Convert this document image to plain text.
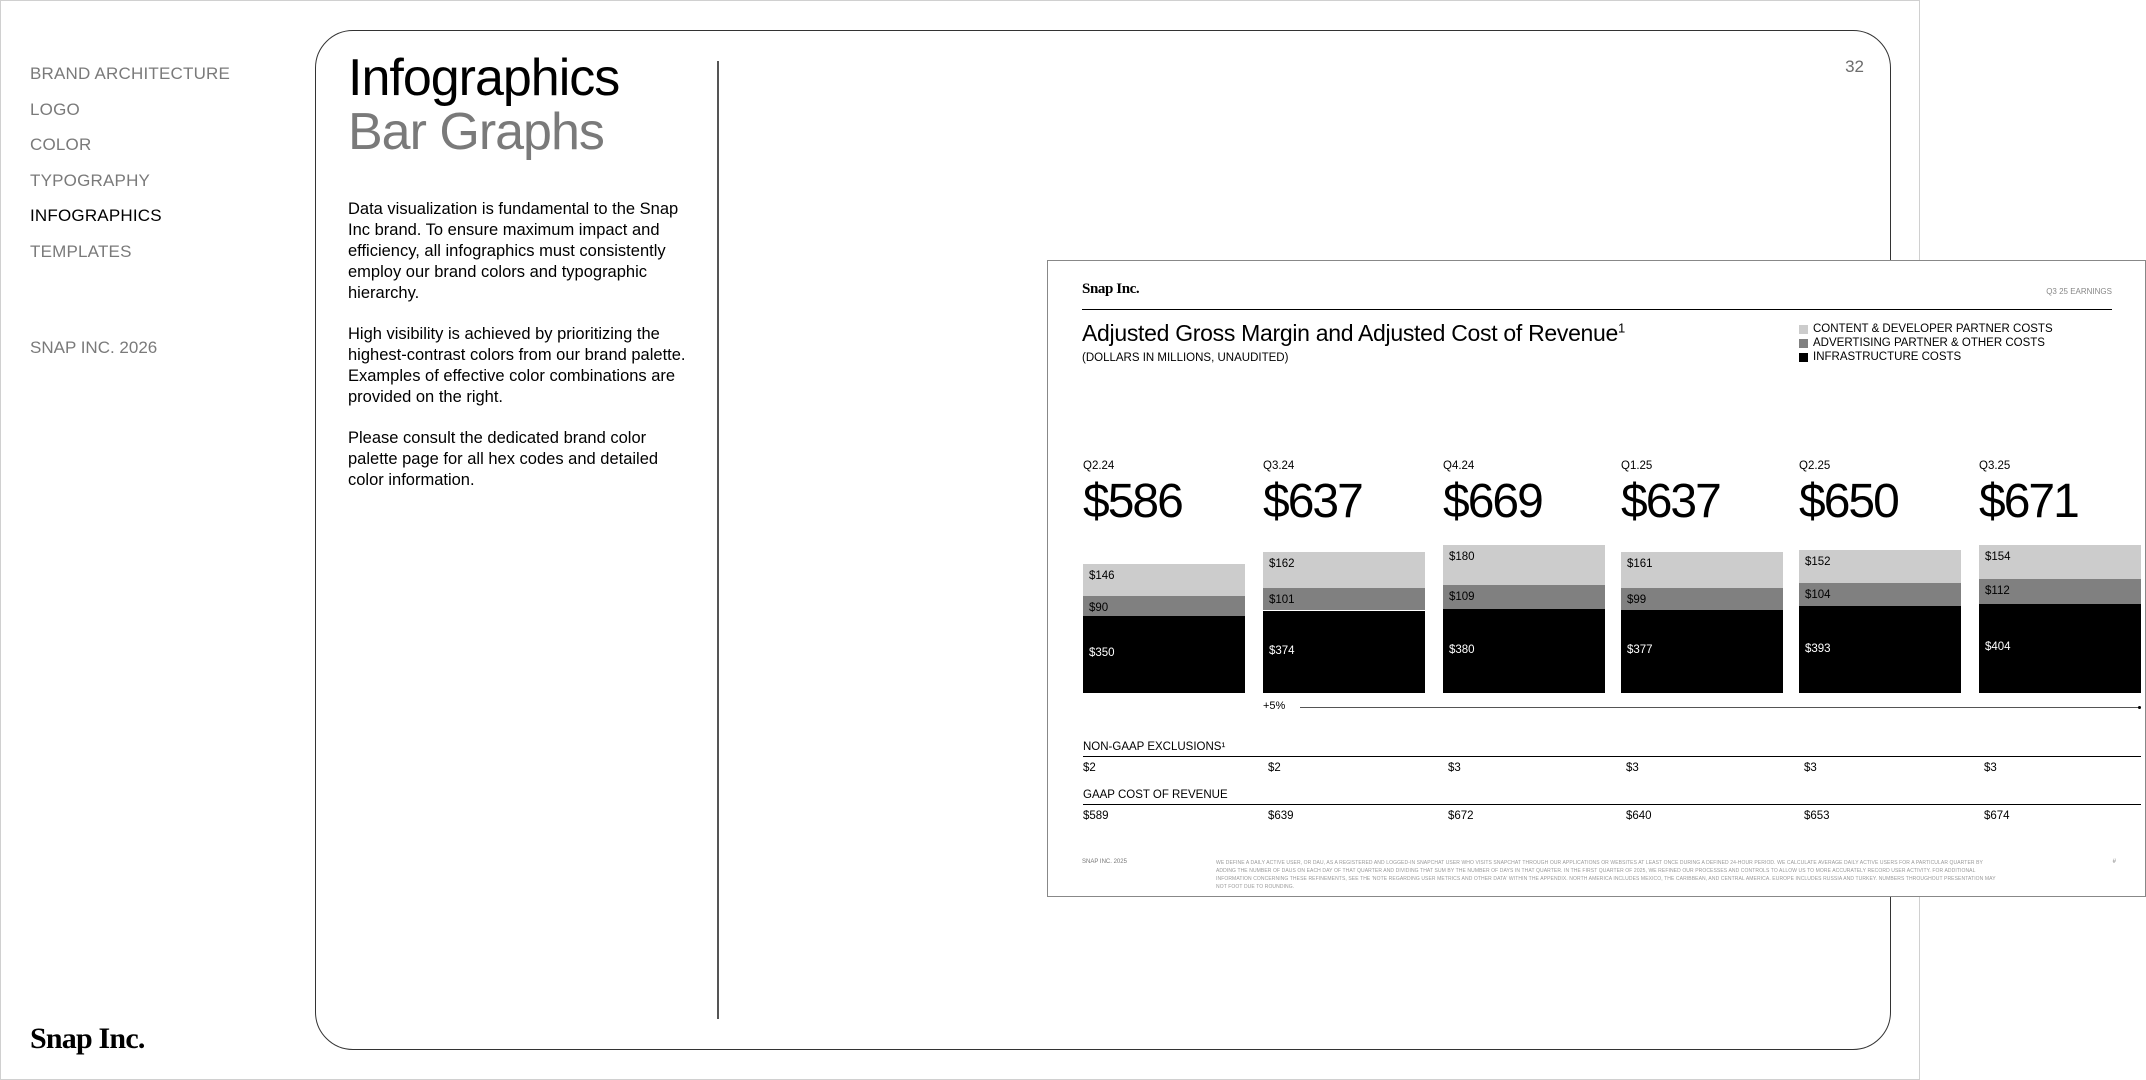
BRAND ARCHITECTURE
LOGO
COLOR
TYPOGRAPHY
INFOGRAPHICS
TEMPLATES
SNAP INC. 2026
Snap Inc.
32
Infographics
Bar Graphs

Data visualization is fundamental to the Snap Inc brand. To ensure maximum impact and efficiency, all infographics must consistently employ our brand colors and typographic hierarchy.

High visibility is achieved by prioritizing the highest-contrast colors from our brand palette. Examples of effective color combinations are provided on the right.

Please consult the dedicated brand color palette page for all hex codes and detailed color information.

Snap Inc.	Q3 25 EARNINGS
Adjusted Gross Margin and Adjusted Cost of Revenue$^1$
(DOLLARS IN MILLIONS, UNAUDITED)
CONTENT & DEVELOPER PARTNER COSTS
ADVERTISING PARTNER & OTHER COSTS
INFRASTRUCTURE COSTS
Q2.24
$586
$350
$90
$146
Q3.24
$637
$374
$101
$162
Q4.24
$669
$380
$109
$180
Q1.25
$637
$377
$99
$161
Q2.25
$650
$393
$104
$152
Q3.25
$671
$404
$112
$154
+5%
NON-GAAP EXCLUSIONS¹
$2	$2	$3	$3	$3	$3
GAAP COST OF REVENUE
$589	$639	$672	$640	$653	$674
SNAP INC. 2025	WE DEFINE A DAILY ACTIVE USER, OR DAU, AS A REGISTERED AND LOGGED-IN SNAPCHAT USER WHO VISITS SNAPCHAT THROUGH OUR APPLICATIONS OR WEBSITES AT LEAST ONCE DURING A DEFINED 24-HOUR PERIOD. WE CALCULATE AVERAGE DAILY ACTIVE USERS FOR A PARTICULAR QUARTER BY ADDING THE NUMBER OF DAUS ON EACH DAY OF THAT QUARTER AND DIVIDING THAT SUM BY THE NUMBER OF DAYS IN THAT QUARTER. IN THE FIRST QUARTER OF 2025, WE REFINED OUR PROCESSES AND CONTROLS TO ALLOW US TO MORE ACCURATELY RECORD USER ACTIVITY. FOR ADDITIONAL INFORMATION CONCERNING THESE REFINEMENTS, SEE THE 'NOTE REGARDING USER METRICS AND OTHER DATA' WITHIN THE APPENDIX. NORTH AMERICA INCLUDES MEXICO, THE CARIBBEAN, AND CENTRAL AMERICA. EUROPE INCLUDES RUSSIA AND TURKEY. NUMBERS THROUGHOUT PRESENTATION MAY NOT FOOT DUE TO ROUNDING.
#
